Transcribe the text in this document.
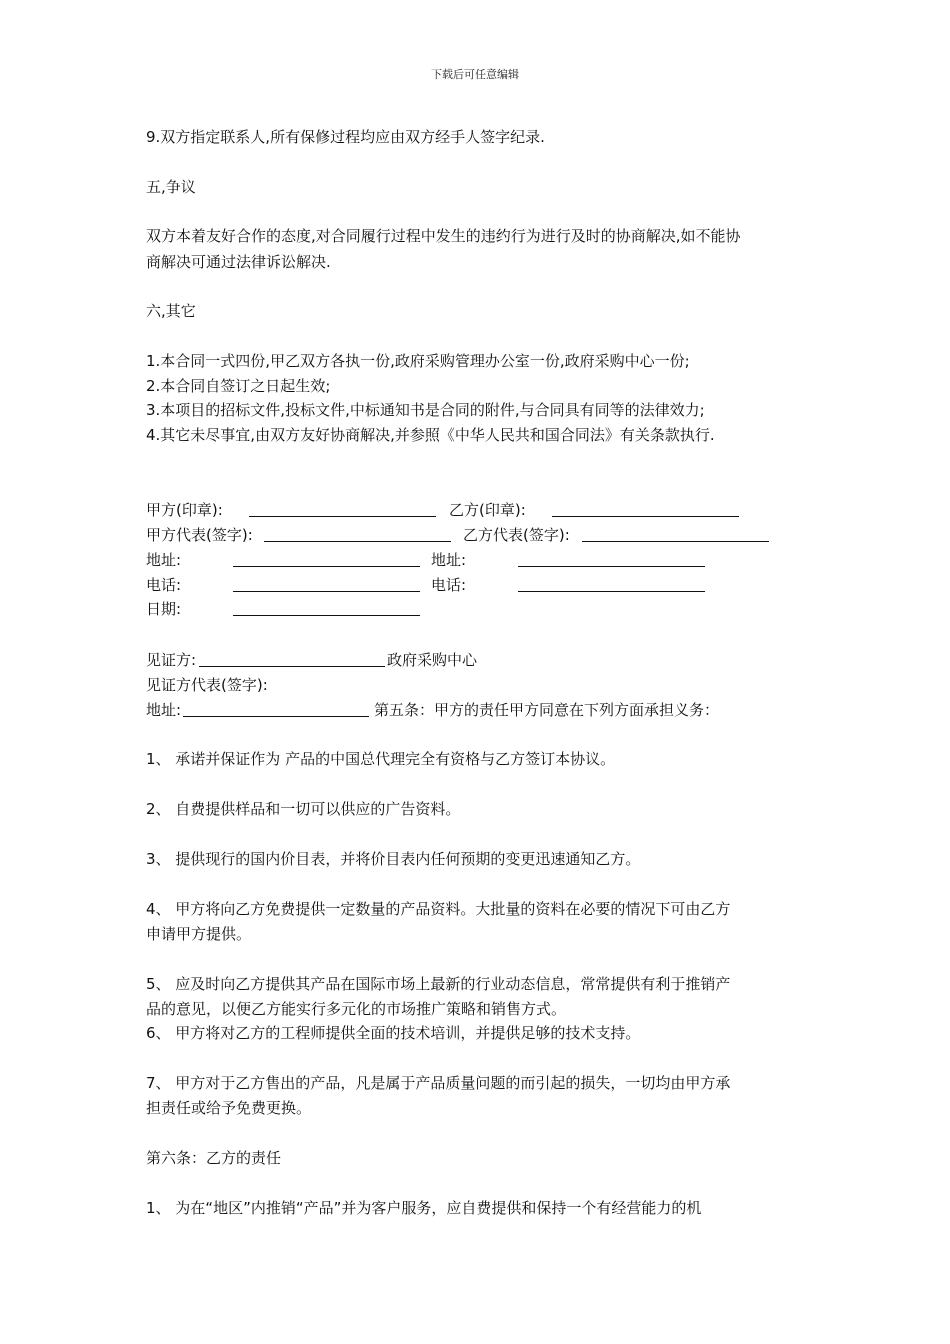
下载后可任意编辑
9.双方指定联系人,所有保修过程均应由双方经手人签字纪录.
五,争议
双方本着友好合作的态度,对合同履行过程中发生的违约行为进行及时的协商解决,如不能协
商解决可通过法律诉讼解决.
六,其它
1.本合同一式四份,甲乙双方各执一份,政府采购管理办公室一份,政府采购中心一份;
2.本合同自签订之日起生效;
3.本项目的招标文件,投标文件,中标通知书是合同的附件,与合同具有同等的法律效力;
4.其它未尽事宜,由双方友好协商解决,并参照《中华人民共和国合同法》有关条款执行.
甲方(印章):	乙方(印章):
甲方代表(签字):	乙方代表(签字):
地址:	地址:
电话:	电话:
日期:
见证方:	政府采购中心
见证方代表(签字):
地址:	第五条：甲方的责任甲方同意在下列方面承担义务：
1、 承诺并保证作为 产品的中国总代理完全有资格与乙方签订本协议。
2、 自费提供样品和一切可以供应的广告资料。
3、 提供现行的国内价目表，并将价目表内任何预期的变更迅速通知乙方。
4、 甲方将向乙方免费提供一定数量的产品资料。大批量的资料在必要的情况下可由乙方
申请甲方提供。
5、 应及时向乙方提供其产品在国际市场上最新的行业动态信息，常常提供有利于推销产
品的意见，以便乙方能实行多元化的市场推广策略和销售方式。
6、 甲方将对乙方的工程师提供全面的技术培训，并提供足够的技术支持。
7、 甲方对于乙方售出的产品，凡是属于产品质量问题的而引起的损失，一切均由甲方承
担责任或给予免费更换。
第六条：乙方的责任
1、 为在“地区”内推销“产品”并为客户服务，应自费提供和保持一个有经营能力的机
